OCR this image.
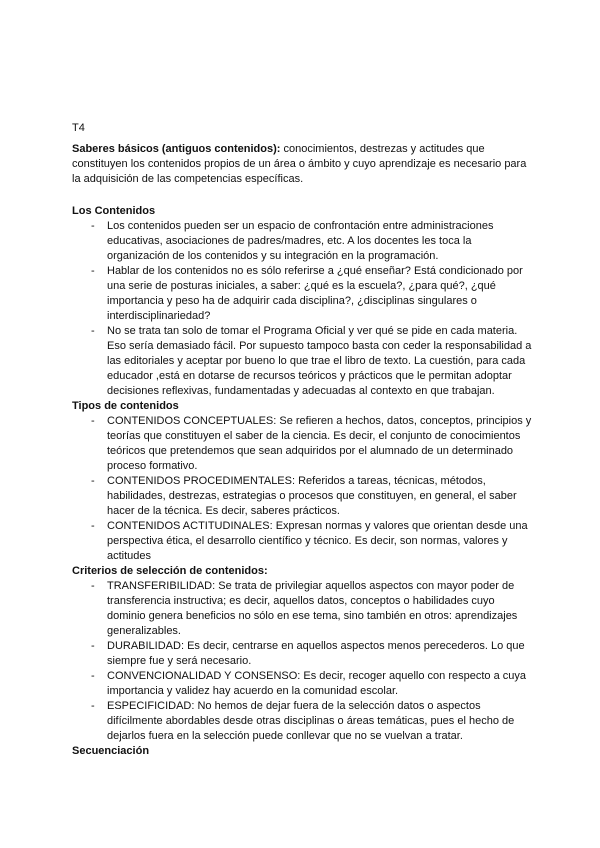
T4

Saberes básicos (antiguos contenidos): conocimientos, destrezas y actitudes que constituyen los contenidos propios de un área o ámbito y cuyo aprendizaje es necesario para la adquisición de las competencias específicas.

Los Contenidos

- Los contenidos pueden ser un espacio de confrontación entre administraciones educativas, asociaciones de padres/madres, etc. A los docentes les toca la organización de los contenidos y su integración en la programación.
- Hablar de los contenidos no es sólo referirse a ¿qué enseñar? Está condicionado por una serie de posturas iniciales, a saber: ¿qué es la escuela?, ¿para qué?, ¿qué importancia y peso ha de adquirir cada disciplina?, ¿disciplinas singulares o interdisciplinariedad?
- No se trata tan solo de tomar el Programa Oficial y ver qué se pide en cada materia. Eso sería demasiado fácil. Por supuesto tampoco basta con ceder la responsabilidad a las editoriales y aceptar por bueno lo que trae el libro de texto. La cuestión, para cada educador ,está en dotarse de recursos teóricos y prácticos que le permitan adoptar decisiones reflexivas, fundamentadas y adecuadas al contexto en que trabajan.

Tipos de contenidos

- CONTENIDOS CONCEPTUALES: Se refieren a hechos, datos, conceptos, principios y teorías que constituyen el saber de la ciencia. Es decir, el conjunto de conocimientos teóricos que pretendemos que sean adquiridos por el alumnado de un determinado proceso formativo.
- CONTENIDOS PROCEDIMENTALES: Referidos a tareas, técnicas, métodos, habilidades, destrezas, estrategias o procesos que constituyen, en general, el saber hacer de la técnica. Es decir, saberes prácticos.
- CONTENIDOS ACTITUDINALES: Expresan normas y valores que orientan desde una perspectiva ética, el desarrollo científico y técnico. Es decir, son normas, valores y actitudes

Criterios de selección de contenidos:

- TRANSFERIBILIDAD: Se trata de privilegiar aquellos aspectos con mayor poder de transferencia instructiva; es decir, aquellos datos, conceptos o habilidades cuyo dominio genera beneficios no sólo en ese tema, sino también en otros: aprendizajes generalizables.
- DURABILIDAD: Es decir, centrarse en aquellos aspectos menos perecederos. Lo que siempre fue y será necesario.
- CONVENCIONALIDAD Y CONSENSO: Es decir, recoger aquello con respecto a cuya importancia y validez hay acuerdo en la comunidad escolar.
- ESPECIFICIDAD: No hemos de dejar fuera de la selección datos o aspectos difícilmente abordables desde otras disciplinas o áreas temáticas, pues el hecho de dejarlos fuera en la selección puede conllevar que no se vuelvan a tratar.

Secuenciación
